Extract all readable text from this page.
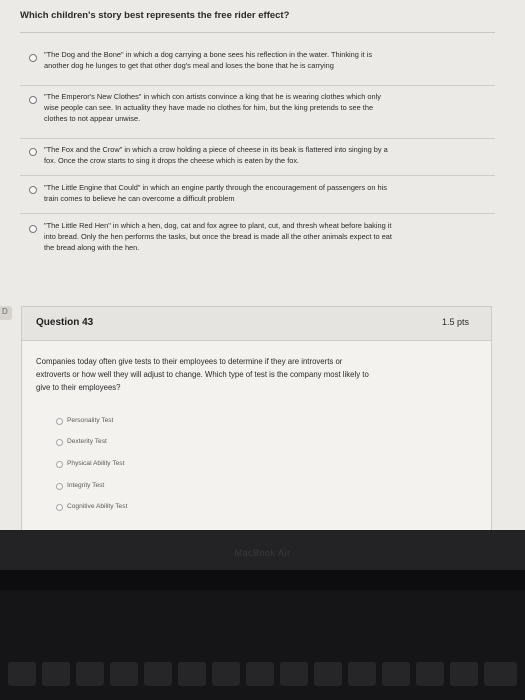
Which children's story best represents the free rider effect?
"The Dog and the Bone" in which a dog carrying a bone sees his reflection in the water. Thinking it is
another dog he lunges to get that other dog's meal and loses the bone that he is carrying
"The Emperor's New Clothes" in which con artists convince a king that he is wearing clothes which only
wise people can see. In actuality they have made no clothes for him, but the king pretends to see the
clothes to not appear unwise.
"The Fox and the Crow" in which a crow holding a piece of cheese in its beak is flattered into singing by a
fox. Once the crow starts to sing it drops the cheese which is eaten by the fox.
"The Little Engine that Could" in which an engine partly through the encouragement of passengers on his
train comes to believe he can overcome a difficult problem
"The Little Red Hen" in which a hen, dog, cat and fox agree to plant, cut, and thresh wheat before baking it
into bread. Only the hen performs the tasks, but once the bread is made all the other animals expect to eat
the bread along with the hen.
D
Question 43	1.5 pts
Companies today often give tests to their employees to determine if they are introverts or
extroverts or how well they will adjust to change. Which type of test is the company most likely to
give to their employees?
Personality Test
Dexterity Test
Physical Ability Test
Integrity Test
Cognitive Ability Test
MacBook Air
